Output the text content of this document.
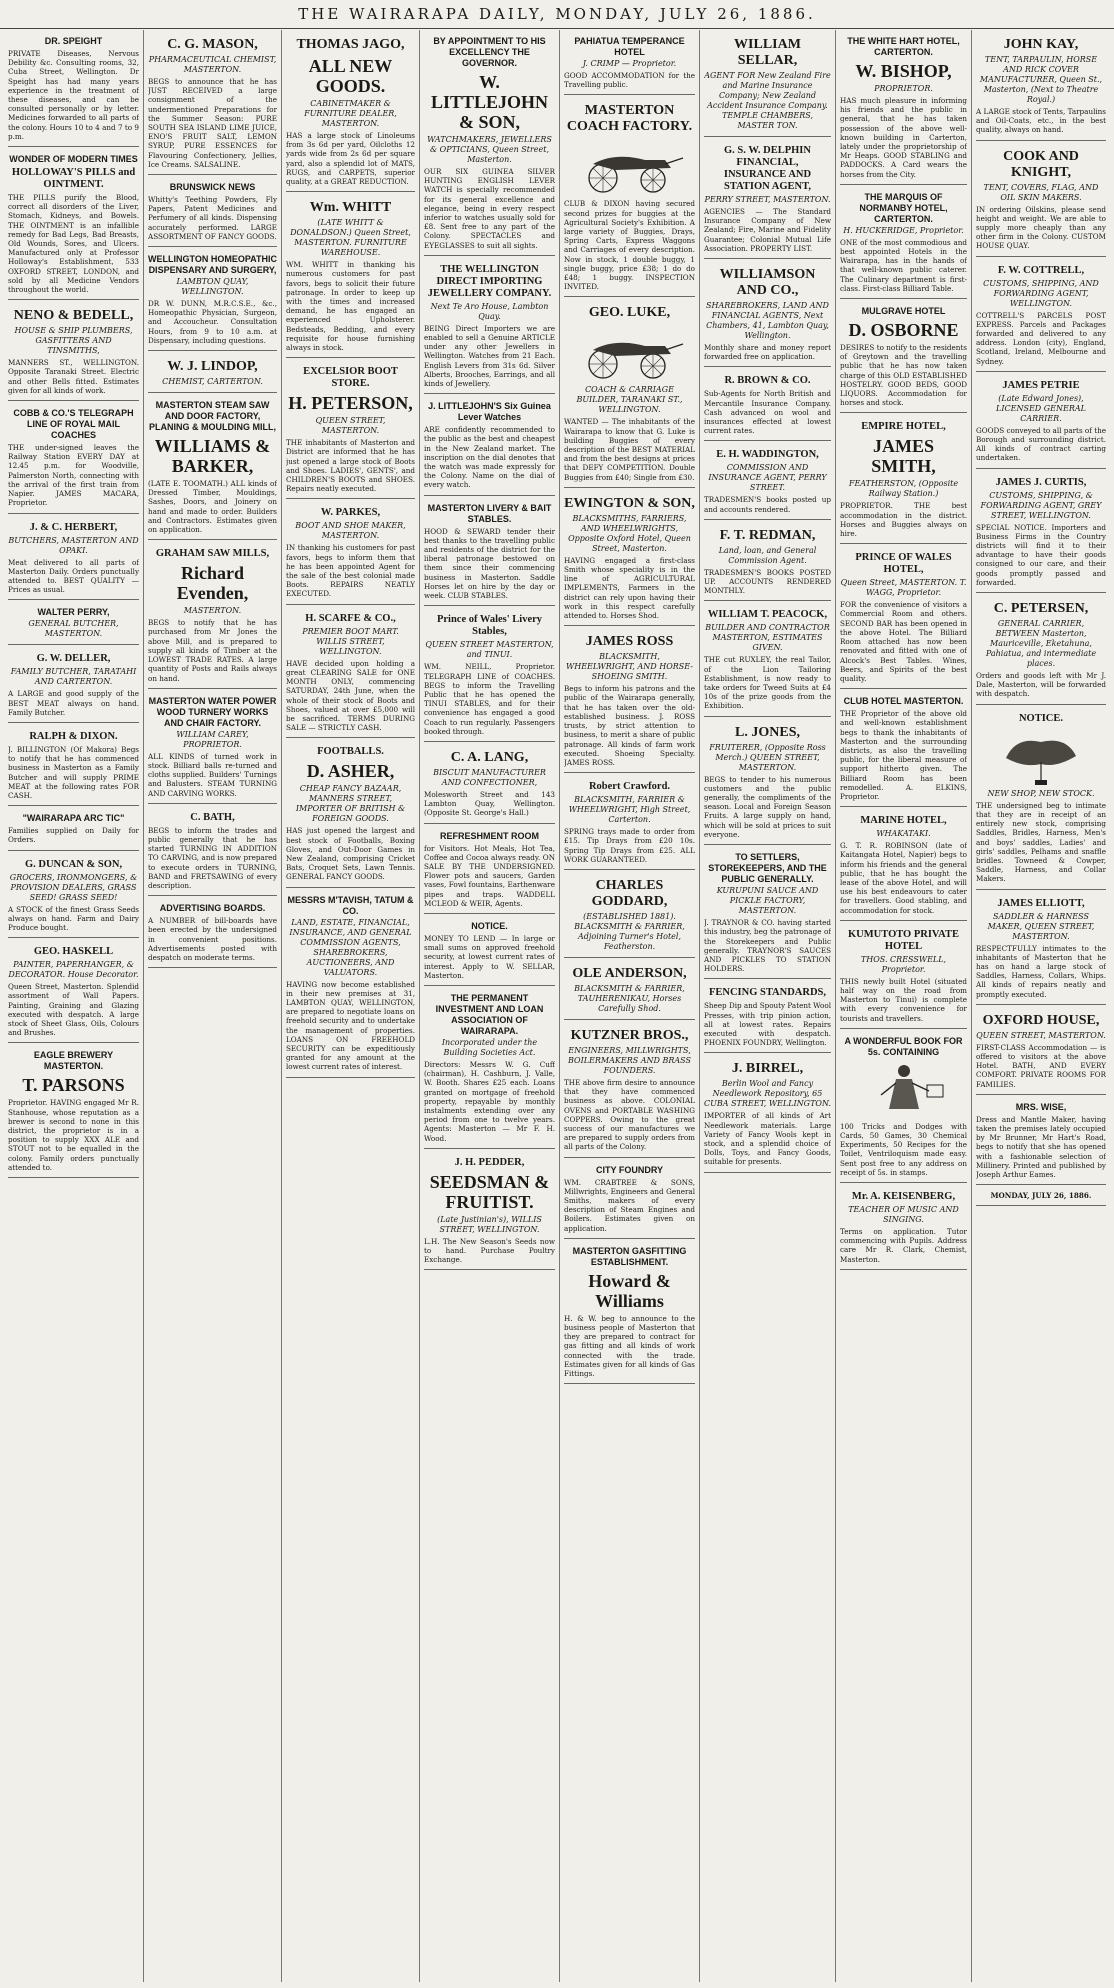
THE WAIRARAPA DAILY, MONDAY, JULY 26, 1886.
DR. SPEIGHT
PRIVATE Diseases, Nervous Debility &c. Consulting rooms, 32, Cuba Street, Wellington. Dr Speight has had many years experience in the treatment of these diseases, and can be consulted personally or by letter. Medicines forwarded to all parts of the colony. Hours 10 to 4 and 7 to 9 p.m.
WONDER OF MODERN TIMES
HOLLOWAY'S PILLS and OINTMENT.
THE PILLS purify the Blood, correct all disorders of the Liver, Stomach, Kidneys, and Bowels. THE OINTMENT is an infallible remedy for Bad Legs, Bad Breasts, Old Wounds, Sores, and Ulcers. Manufactured only at Professor Holloway's Establishment, 533 OXFORD STREET, LONDON, and sold by all Medicine Vendors throughout the world.
NENO & BEDELL,
HOUSE & SHIP PLUMBERS, GASFITTERS AND TINSMITHS,
MANNERS ST., WELLINGTON. Opposite Taranaki Street. Electric and other Bells fitted. Estimates given for all kinds of work.
COBB & CO.'S TELEGRAPH LINE OF ROYAL MAIL COACHES
THE under-signed leaves the Railway Station EVERY DAY at 12.45 p.m. for Woodville, Palmerston North, connecting with the arrival of the first train from Napier. JAMES MACARA, Proprietor.
J. & C. HERBERT,
BUTCHERS, MASTERTON AND OPAKI.
Meat delivered to all parts of Masterton Daily. Orders punctually attended to. BEST QUALITY — Prices as usual.
WALTER PERRY,
GENERAL BUTCHER, MASTERTON.
G. W. DELLER,
FAMILY BUTCHER, TARATAHI AND CARTERTON.
A LARGE and good supply of the BEST MEAT always on hand. Family Butcher.
RALPH & DIXON.
J. BILLINGTON (Of Makora) Begs to notify that he has commenced business in Masterton as a Family Butcher and will supply PRIME MEAT at the following rates FOR CASH.
"WAIRARAPA ARC TIC"
Families supplied on Daily for Orders.
G. DUNCAN & SON,
GROCERS, IRONMONGERS, & PROVISION DEALERS, GRASS SEED! GRASS SEED!
A STOCK of the finest Grass Seeds always on hand. Farm and Dairy Produce bought.
GEO. HASKELL
PAINTER, PAPERHANGER, & DECORATOR. House Decorator.
Queen Street, Masterton. Splendid assortment of Wall Papers. Painting, Graining and Glazing executed with despatch. A large stock of Sheet Glass, Oils, Colours and Brushes.
EAGLE BREWERY MASTERTON.
T. PARSONS
Proprietor. HAVING engaged Mr R. Stanhouse, whose reputation as a brewer is second to none in this district, the proprietor is in a position to supply XXX ALE and STOUT not to be equalled in the colony. Family orders punctually attended to.
C. G. MASON,
PHARMACEUTICAL CHEMIST, MASTERTON.
BEGS to announce that he has JUST RECEIVED a large consignment of the undermentioned Preparations for the Summer Season: PURE SOUTH SEA ISLAND LIME JUICE, ENO'S FRUIT SALT, LEMON SYRUP, PURE ESSENCES for Flavouring Confectionery, Jellies, Ice Creams. SALSALINE.
BRUNSWICK NEWS
Whitty's Teething Powders, Fly Papers, Patent Medicines and Perfumery of all kinds. Dispensing accurately performed. LARGE ASSORTMENT OF FANCY GOODS.
WELLINGTON HOMEOPATHIC DISPENSARY AND SURGERY,
LAMBTON QUAY, WELLINGTON.
DR W. DUNN, M.R.C.S.E., &c., Homeopathic Physician, Surgeon, and Accoucheur. Consultation Hours, from 9 to 10 a.m. at Dispensary, including questions.
W. J. LINDOP,
CHEMIST, CARTERTON.
MASTERTON STEAM SAW AND DOOR FACTORY, PLANING & MOULDING MILL,
WILLIAMS & BARKER,
(LATE E. TOOMATH.) ALL kinds of Dressed Timber, Mouldings, Sashes, Doors, and Joinery on hand and made to order. Builders and Contractors. Estimates given on application.
GRAHAM SAW MILLS,
Richard Evenden,
MASTERTON.
BEGS to notify that he has purchased from Mr Jones the above Mill, and is prepared to supply all kinds of Timber at the LOWEST TRADE RATES. A large quantity of Posts and Rails always on hand.
MASTERTON WATER POWER WOOD TURNERY WORKS AND CHAIR FACTORY.
WILLIAM CAREY, PROPRIETOR.
ALL KINDS of turned work in stock. Billiard balls re-turned and cloths supplied. Builders' Turnings and Balusters. STEAM TURNING AND CARVING WORKS.
C. BATH,
BEGS to inform the trades and public generally that he has started TURNING IN ADDITION TO CARVING, and is now prepared to execute orders in TURNING, BAND and FRETSAWING of every description.
ADVERTISING BOARDS.
A NUMBER of bill-boards have been erected by the undersigned in convenient positions. Advertisements posted with despatch on moderate terms.
THOMAS JAGO,
ALL NEW GOODS.
CABINETMAKER & FURNITURE DEALER, MASTERTON.
HAS a large stock of Linoleums from 3s 6d per yard, Oilcloths 12 yards wide from 2s 6d per square yard, also a splendid lot of MATS, RUGS, and CARPETS, superior quality, at a GREAT REDUCTION.
Wm. WHITT
(LATE WHITT & DONALDSON.) Queen Street, MASTERTON. FURNITURE WAREHOUSE.
WM. WHITT in thanking his numerous customers for past favors, begs to solicit their future patronage. In order to keep up with the times and increased demand, he has engaged an experienced Upholsterer. Bedsteads, Bedding, and every requisite for house furnishing always in stock.
EXCELSIOR BOOT STORE.
H. PETERSON,
QUEEN STREET, MASTERTON.
THE inhabitants of Masterton and District are informed that he has just opened a large stock of Boots and Shoes. LADIES', GENTS', and CHILDREN'S BOOTS and SHOES. Repairs neatly executed.
W. PARKES,
BOOT AND SHOE MAKER, MASTERTON.
IN thanking his customers for past favors, begs to inform them that he has been appointed Agent for the sale of the best colonial made Boots. REPAIRS NEATLY EXECUTED.
H. SCARFE & CO.,
PREMIER BOOT MART. WILLIS STREET, WELLINGTON.
HAVE decided upon holding a great CLEARING SALE for ONE MONTH ONLY, commencing SATURDAY, 24th June, when the whole of their stock of Boots and Shoes, valued at over £5,000 will be sacrificed. TERMS DURING SALE — STRICTLY CASH.
FOOTBALLS.
D. ASHER,
CHEAP FANCY BAZAAR, MANNERS STREET, IMPORTER OF BRITISH & FOREIGN GOODS.
HAS just opened the largest and best stock of Footballs, Boxing Gloves, and Out-Door Games in New Zealand, comprising Cricket Bats, Croquet Sets, Lawn Tennis. GENERAL FANCY GOODS.
MESSRS M'TAVISH, TATUM & CO.
LAND, ESTATE, FINANCIAL, INSURANCE, AND GENERAL COMMISSION AGENTS, SHAREBROKERS, AUCTIONEERS, AND VALUATORS.
HAVING now become established in their new premises at 31, LAMBTON QUAY, WELLINGTON, are prepared to negotiate loans on freehold security and to undertake the management of properties. LOANS ON FREEHOLD SECURITY can be expeditiously granted for any amount at the lowest current rates of interest.
BY APPOINTMENT TO HIS EXCELLENCY THE GOVERNOR.
W. LITTLEJOHN & SON,
WATCHMAKERS, JEWELLERS & OPTICIANS, Queen Street, Masterton.
OUR SIX GUINEA SILVER HUNTING ENGLISH LEVER WATCH is specially recommended for its general excellence and elegance, being in every respect inferior to watches usually sold for £8. Sent free to any part of the Colony. SPECTACLES and EYEGLASSES to suit all sights.
THE WELLINGTON DIRECT IMPORTING JEWELLERY COMPANY.
Next Te Aro House, Lambton Quay.
BEING Direct Importers we are enabled to sell a Genuine ARTICLE under any other Jewellers in Wellington. Watches from 21 Each. English Levers from 31s 6d. Silver Alberts, Brooches, Earrings, and all kinds of Jewellery.
J. LITTLEJOHN'S Six Guinea Lever Watches
ARE confidently recommended to the public as the best and cheapest in the New Zealand market. The inscription on the dial denotes that the watch was made expressly for the Colony. Name on the dial of every watch.
MASTERTON LIVERY & BAIT STABLES.
HOOD & SEWARD tender their best thanks to the travelling public and residents of the district for the liberal patronage bestowed on them since their commencing business in Masterton. Saddle Horses let on hire by the day or week. CLUB STABLES.
Prince of Wales' Livery Stables,
QUEEN STREET MASTERTON, and TINUI.
WM. NEILL, Proprietor. TELEGRAPH LINE of COACHES. BEGS to inform the Travelling Public that he has opened the TINUI STABLES, and for their convenience has engaged a good Coach to run regularly. Passengers booked through.
C. A. LANG,
BISCUIT MANUFACTURER AND CONFECTIONER,
Molesworth Street and 143 Lambton Quay, Wellington. (Opposite St. George's Hall.)
REFRESHMENT ROOM
for Visitors. Hot Meals, Hot Tea, Coffee and Cocoa always ready. ON SALE BY THE UNDERSIGNED. Flower pots and saucers, Garden vases, Fowl fountains, Earthenware pipes and traps. WADDELL MCLEOD & WEIR, Agents.
NOTICE.
MONEY TO LEND — In large or small sums on approved freehold security, at lowest current rates of interest. Apply to W. SELLAR, Masterton.
THE PERMANENT INVESTMENT AND LOAN ASSOCIATION OF WAIRARAPA.
Incorporated under the Building Societies Act.
Directors: Messrs W. G. Cuff (chairman), H. Cashburn, J. Valle, W. Booth. Shares £25 each. Loans granted on mortgage of freehold property, repayable by monthly instalments extending over any period from one to twelve years. Agents: Masterton — Mr F. H. Wood.
J. H. PEDDER,
SEEDSMAN & FRUITIST.
(Late Justinian's), WILLIS STREET, WELLINGTON.
L.H. The New Season's Seeds now to hand. Purchase Poultry Exchange.
PAHIATUA TEMPERANCE HOTEL
J. CRIMP — Proprietor.
GOOD ACCOMMODATION for the Travelling public.
MASTERTON COACH FACTORY.
CLUB & DIXON having secured second prizes for buggies at the Agricultural Society's Exhibition. A large variety of Buggies, Drays, Spring Carts, Express Waggons and Carriages of every description. Now in stock, 1 double buggy, 1 single buggy, price £38; 1 do do £48; 1 buggy. INSPECTION INVITED.
GEO. LUKE,
COACH & CARRIAGE BUILDER, TARANAKI ST., WELLINGTON.
WANTED — The inhabitants of the Wairarapa to know that G. Luke is building Buggies of every description of the BEST MATERIAL and from the best designs at prices that DEFY COMPETITION. Double Buggies from £40; Single from £30.
EWINGTON & SON,
BLACKSMITHS, FARRIERS, AND WHEELWRIGHTS, Opposite Oxford Hotel, Queen Street, Masterton.
HAVING engaged a first-class Smith whose speciality is in the line of AGRICULTURAL IMPLEMENTS, Farmers in the district can rely upon having their work in this respect carefully attended to. Horses Shod.
JAMES ROSS
BLACKSMITH, WHEELWRIGHT, AND HORSE-SHOEING SMITH.
Begs to inform his patrons and the public of the Wairarapa generally, that he has taken over the old-established business. J. ROSS trusts, by strict attention to business, to merit a share of public patronage. All kinds of farm work executed. Shoeing Specialty. JAMES ROSS.
Robert Crawford.
BLACKSMITH, FARRIER & WHEELWRIGHT, High Street, Carterton.
SPRING trays made to order from £15. Tip Drays from £20 10s. Spring Tip Drays from £25. ALL WORK GUARANTEED.
CHARLES GODDARD,
(ESTABLISHED 1881). BLACKSMITH & FARRIER, Adjoining Turner's Hotel, Featherston.
OLE ANDERSON,
BLACKSMITH & FARRIER, TAUHERENIKAU, Horses Carefully Shod.
KUTZNER BROS.,
ENGINEERS, MILLWRIGHTS, BOILERMAKERS AND BRASS FOUNDERS.
THE above firm desire to announce that they have commenced business as above. COLONIAL OVENS and PORTABLE WASHING COPPERS. Owing to the great success of our manufactures we are prepared to supply orders from all parts of the Colony.
CITY FOUNDRY
WM. CRABTREE & SONS, Millwrights, Engineers and General Smiths, makers of every description of Steam Engines and Boilers. Estimates given on application.
MASTERTON GASFITTING ESTABLISHMENT.
Howard & Williams
H. & W. beg to announce to the business people of Masterton that they are prepared to contract for gas fitting and all kinds of work connected with the trade. Estimates given for all kinds of Gas Fittings.
WILLIAM SELLAR,
AGENT FOR New Zealand Fire and Marine Insurance Company; New Zealand Accident Insurance Company. TEMPLE CHAMBERS, MASTER TON.
G. S. W. DELPHIN FINANCIAL, INSURANCE AND STATION AGENT,
PERRY STREET, MASTERTON.
AGENCIES — The Standard Insurance Company of New Zealand; Fire, Marine and Fidelity Guarantee; Colonial Mutual Life Association. PROPERTY LIST.
WILLIAMSON AND CO.,
SHAREBROKERS, LAND AND FINANCIAL AGENTS, Next Chambers, 41, Lambton Quay, Wellington.
Monthly share and money report forwarded free on application.
R. BROWN & CO.
Sub-Agents for North British and Mercantile Insurance Company. Cash advanced on wool and insurances effected at lowest current rates.
E. H. WADDINGTON,
COMMISSION AND INSURANCE AGENT, PERRY STREET.
TRADESMEN'S books posted up and accounts rendered.
F. T. REDMAN,
Land, loan, and General Commission Agent.
TRADESMEN'S BOOKS POSTED UP. ACCOUNTS RENDERED MONTHLY.
WILLIAM T. PEACOCK,
BUILDER AND CONTRACTOR MASTERTON, ESTIMATES GIVEN.
THE cut RUXLEY, the real Tailor, of the Lion Tailoring Establishment, is now ready to take orders for Tweed Suits at £4 10s of the prize goods from the Exhibition.
L. JONES,
FRUITERER, (Opposite Ross Merch.) QUEEN STREET, MASTERTON.
BEGS to tender to his numerous customers and the public generally, the compliments of the season. Local and Foreign Season Fruits. A large supply on hand, which will be sold at prices to suit everyone.
TO SETTLERS, STOREKEEPERS, AND THE PUBLIC GENERALLY.
KURUPUNI SAUCE AND PICKLE FACTORY, MASTERTON.
J. TRAYNOR & CO. having started this industry, beg the patronage of the Storekeepers and Public generally. TRAYNOR'S SAUCES AND PICKLES TO STATION HOLDERS.
FENCING STANDARDS,
Sheep Dip and Spouty Patent Wool Presses, with trip pinion action, all at lowest rates. Repairs executed with despatch. PHOENIX FOUNDRY, Wellington.
J. BIRREL,
Berlin Wool and Fancy Needlework Repository, 65 CUBA STREET, WELLINGTON.
IMPORTER of all kinds of Art Needlework materials. Large Variety of Fancy Wools kept in stock, and a splendid choice of Dolls, Toys, and Fancy Goods, suitable for presents.
THE WHITE HART HOTEL, CARTERTON.
W. BISHOP,
PROPRIETOR.
HAS much pleasure in informing his friends and the public in general, that he has taken possession of the above well-known building in Carterton, lately under the proprietorship of Mr Heaps. GOOD STABLING and PADDOCKS. A Card wears the horses from the City.
THE MARQUIS OF NORMANBY HOTEL, CARTERTON.
H. HUCKERIDGE, Proprietor.
ONE of the most commodious and best appointed Hotels in the Wairarapa, has in the hands of that well-known public caterer. The Culinary department is first-class. First-class Billiard Table.
MULGRAVE HOTEL
D. OSBORNE
DESIRES to notify to the residents of Greytown and the travelling public that he has now taken charge of this OLD ESTABLISHED HOSTELRY. GOOD BEDS, GOOD LIQUORS. Accommodation for horses and stock.
EMPIRE HOTEL,
JAMES SMITH,
FEATHERSTON, (Opposite Railway Station.)
PROPRIETOR. THE best accommodation in the district. Horses and Buggies always on hire.
PRINCE OF WALES HOTEL,
Queen Street, MASTERTON. T. WAGG, Proprietor.
FOR the convenience of visitors a Commercial Room and others. SECOND BAR has been opened in the above Hotel. The Billiard Room attached has now been renovated and fitted with one of Alcock's Best Tables. Wines, Beers, and Spirits of the best quality.
CLUB HOTEL MASTERTON.
THE Proprietor of the above old and well-known establishment begs to thank the inhabitants of Masterton and the surrounding districts, as also the travelling public, for the liberal measure of support hitherto given. The Billiard Room has been remodelled. A. ELKINS, Proprietor.
MARINE HOTEL,
WHAKATAKI.
G. T. R. ROBINSON (late of Kaitangata Hotel, Napier) begs to inform his friends and the general public, that he has bought the lease of the above Hotel, and will use his best endeavours to cater for travellers. Good stabling, and accommodation for stock.
KUMUTOTO PRIVATE HOTEL
THOS. CRESSWELL, Proprietor.
THIS newly built Hotel (situated half way on the road from Masterton to Tinui) is complete with every convenience for tourists and travellers.
A WONDERFUL BOOK FOR 5s. CONTAINING
100 Tricks and Dodges with Cards, 50 Games, 30 Chemical Experiments, 50 Recipes for the Toilet, Ventriloquism made easy. Sent post free to any address on receipt of 5s. in stamps.
Mr. A. KEISENBERG,
TEACHER OF MUSIC AND SINGING.
Terms on application. Tutor commencing with Pupils. Address care Mr R. Clark, Chemist, Masterton.
JOHN KAY,
TENT, TARPAULIN, HORSE AND RICK COVER MANUFACTURER, Queen St., Masterton, (Next to Theatre Royal.)
A LARGE stock of Tents, Tarpaulins and Oil-Coats, etc., in the best quality, always on hand.
COOK AND KNIGHT,
TENT, COVERS, FLAG, AND OIL SKIN MAKERS.
IN ordering Oilskins, please send height and weight. We are able to supply more cheaply than any other firm in the Colony. CUSTOM HOUSE QUAY.
F. W. COTTRELL,
CUSTOMS, SHIPPING, AND FORWARDING AGENT, WELLINGTON.
COTTRELL'S PARCELS POST EXPRESS. Parcels and Packages forwarded and delivered to any address. London (city), England, Scotland, Ireland, Melbourne and Sydney.
JAMES PETRIE
(Late Edward Jones), LICENSED GENERAL CARRIER.
GOODS conveyed to all parts of the Borough and surrounding district. All kinds of contract carting undertaken.
JAMES J. CURTIS,
CUSTOMS, SHIPPING, & FORWARDING AGENT, GREY STREET, WELLINGTON.
SPECIAL NOTICE. Importers and Business Firms in the Country districts will find it to their advantage to have their goods consigned to our care, and their goods promptly passed and forwarded.
C. PETERSEN,
GENERAL CARRIER, BETWEEN Masterton, Mauriceville, Eketahuna, Pahiatua, and intermediate places.
Orders and goods left with Mr J. Dale, Masterton, will be forwarded with despatch.
NOTICE.
NEW SHOP, NEW STOCK.
THE undersigned beg to intimate that they are in receipt of an entirely new stock, comprising Saddles, Bridles, Harness, Men's and boys' saddles, Ladies' and girls' saddles, Pelhams and snaffle bridles. Towneed & Cowper, Saddle, Harness, and Collar Makers.
JAMES ELLIOTT,
SADDLER & HARNESS MAKER, QUEEN STREET, MASTERTON.
RESPECTFULLY intimates to the inhabitants of Masterton that he has on hand a large stock of Saddles, Harness, Collars, Whips. All kinds of repairs neatly and promptly executed.
OXFORD HOUSE,
QUEEN STREET, MASTERTON.
FIRST-CLASS Accommodation — is offered to visitors at the above Hotel. BATH, AND EVERY COMFORT. PRIVATE ROOMS FOR FAMILIES.
MRS. WISE,
Dress and Mantle Maker, having taken the premises lately occupied by Mr Brunner, Mr Hart's Road, begs to notify that she has opened with a fashionable selection of Millinery. Printed and published by Joseph Arthur Eames.
MONDAY, JULY 26, 1886.
